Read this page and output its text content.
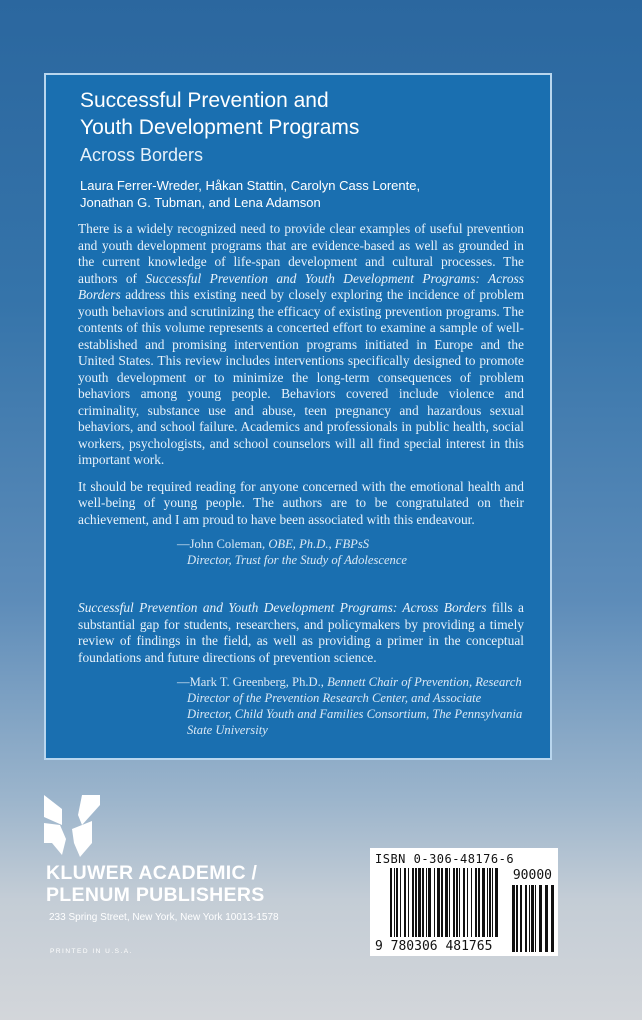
Successful Prevention and
Youth Development Programs
Across Borders
Laura Ferrer-Wreder, Håkan Stattin, Carolyn Cass Lorente,
Jonathan G. Tubman, and Lena Adamson
There is a widely recognized need to provide clear examples of useful prevention and youth development programs that are evidence-based as well as grounded in the current knowledge of life-span development and cultural processes. The authors of Successful Prevention and Youth Development Programs: Across Borders address this existing need by closely exploring the incidence of problem youth behaviors and scrutinizing the efficacy of existing prevention programs. The contents of this volume represents a concerted effort to examine a sample of well-established and promising intervention programs initiated in Europe and the United States. This review includes interventions specifically designed to promote youth development or to minimize the long-term consequences of problem behaviors among young people. Behaviors covered include violence and criminality, substance use and abuse, teen pregnancy and hazardous sexual behaviors, and school failure. Academics and professionals in public health, social workers, psychologists, and school counselors will all find special interest in this important work.
It should be required reading for anyone concerned with the emotional health and well-being of young people. The authors are to be congratulated on their achievement, and I am proud to have been associated with this endeavour.
—John Coleman, OBE, Ph.D., FBPsS
Director, Trust for the Study of Adolescence
Successful Prevention and Youth Development Programs: Across Borders fills a substantial gap for students, researchers, and policymakers by providing a timely review of findings in the field, as well as providing a primer in the conceptual foundations and future directions of prevention science.
—Mark T. Greenberg, Ph.D., Bennett Chair of Prevention, Research Director of the Prevention Research Center, and Associate Director, Child Youth and Families Consortium, The Pennsylvania State University
KLUWER ACADEMIC /
PLENUM PUBLISHERS
233 Spring Street, New York, New York 10013-1578
PRINTED IN U.S.A.
ISBN 0-306-48176-6
90000
9 780306 481765
